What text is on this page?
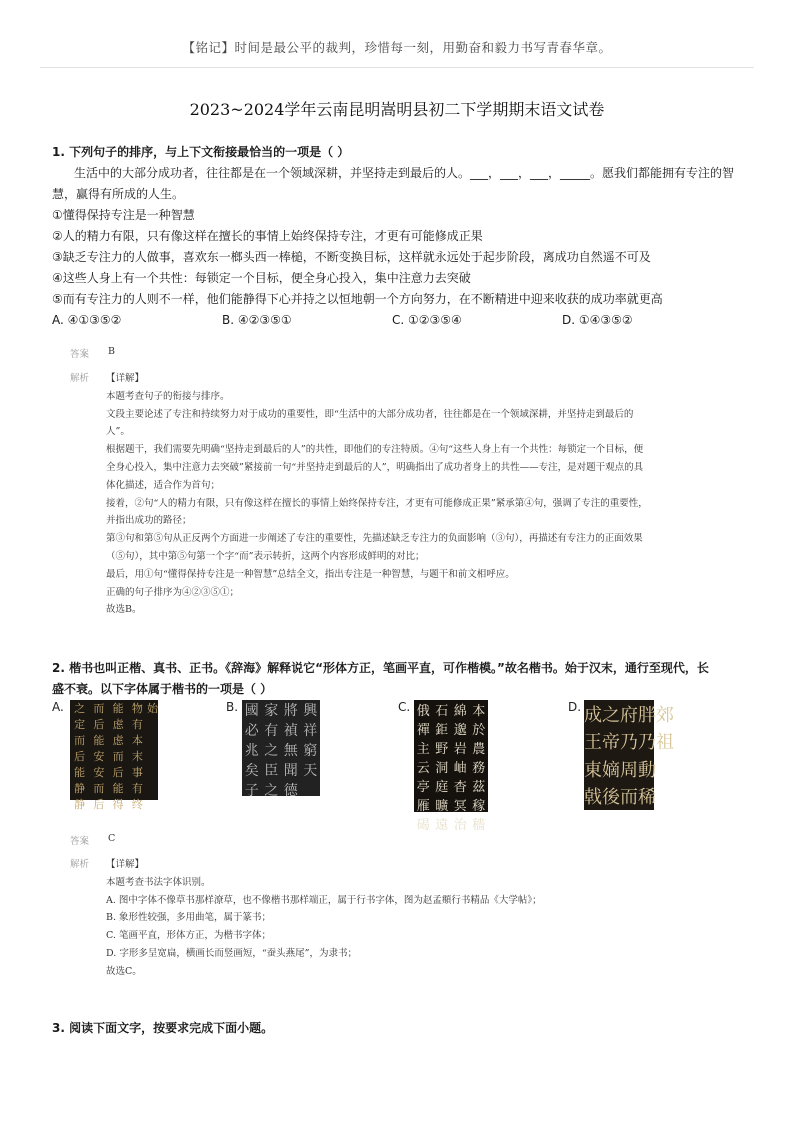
【铭记】时间是最公平的裁判，珍惜每一刻，用勤奋和毅力书写青春华章。
2023~2024学年云南昆明嵩明县初二下学期期末语文试卷
1. 下列句子的排序，与上下文衔接最恰当的一项是（ ）
生活中的大部分成功者，往往都是在一个领域深耕，并坚持走到最后的人。___，___，___，_____。愿我们都能拥有专注的智慧，赢得有所成的人生。
①懂得保持专注是一种智慧
②人的精力有限，只有像这样在擅长的事情上始终保持专注，才更有可能修成正果
③缺乏专注力的人做事，喜欢东一榔头西一棒槌，不断变换目标，这样就永远处于起步阶段，离成功自然遥不可及
④这些人身上有一个共性：每锁定一个目标，便全身心投入，集中注意力去突破
⑤而有专注力的人则不一样，他们能静得下心并持之以恒地朝一个方向努力，在不断精进中迎来收获的成功率就更高
A. ④①③⑤②	B. ④②③⑤①	C. ①②③⑤④	D. ①④③⑤②
答案 B
解析 【详解】
本题考查句子的衔接与排序。
文段主要论述了专注和持续努力对于成功的重要性，即“生活中的大部分成功者，往往都是在一个领域深耕，并坚持走到最后的
人”。
根据题干，我们需要先明确“坚持走到最后的人”的共性，即他们的专注特质。④句“这些人身上有一个共性：每锁定一个目标，便
全身心投入，集中注意力去突破”紧接前一句“并坚持走到最后的人”，明确指出了成功者身上的共性——专注，是对题干观点的具
体化描述，适合作为首句；
接着，②句“人的精力有限，只有像这样在擅长的事情上始终保持专注，才更有可能修成正果”紧承第④句，强调了专注的重要性，
并指出成功的路径；
第③句和第⑤句从正反两个方面进一步阐述了专注的重要性，先描述缺乏专注力的负面影响（③句），再描述有专注力的正面效果
（⑤句），其中第⑤句第一个字“而”表示转折，这两个内容形成鲜明的对比；
最后，用①句“懂得保持专注是一种智慧”总结全文，指出专注是一种智慧，与题干和前文相呼应。
正确的句子排序为④②③⑤①；
故选B。
2. 楷书也叫正楷、真书、正书。《辞海》解释说它“形体方正，笔画平直，可作楷模。”故名楷书。始于汉末，通行至现代，长
盛不衰。以下字体属于楷书的一项是（ ）
A. 之
定
而
后
能
静
静
而
后
能
安
安
而
后
能
虑
虑
而
后
能
得
物
有
本
末
事
有
终
始	B. 國 家 將 興
必 有 禎 祥
兆 之 無 窮
矣 臣 聞 天
子 之 德
C. 俄
禪
主
云
亭
雁
碣
石
鉅
野
洞
庭
曠
遠
綿
邈
岩
岫
杳
冥
治
本
於
農
務
茲
稼
穡
D. 成
王
東
戟
之
帝
嫡
後
府
乃
周
而
胖
乃
動
稀
郊
祖
答案 C
解析 【详解】
本题考查书法字体识别。
A. 图中字体不像草书那样潦草，也不像楷书那样端正，属于行书字体，图为赵孟頫行书精品《大学帖》；
B. 象形性较强，多用曲笔，属于篆书；
C. 笔画平直，形体方正，为楷书字体；
D. 字形多呈宽扁，横画长而竖画短，“蚕头燕尾”，为隶书；
故选C。
3. 阅读下面文字，按要求完成下面小题。
